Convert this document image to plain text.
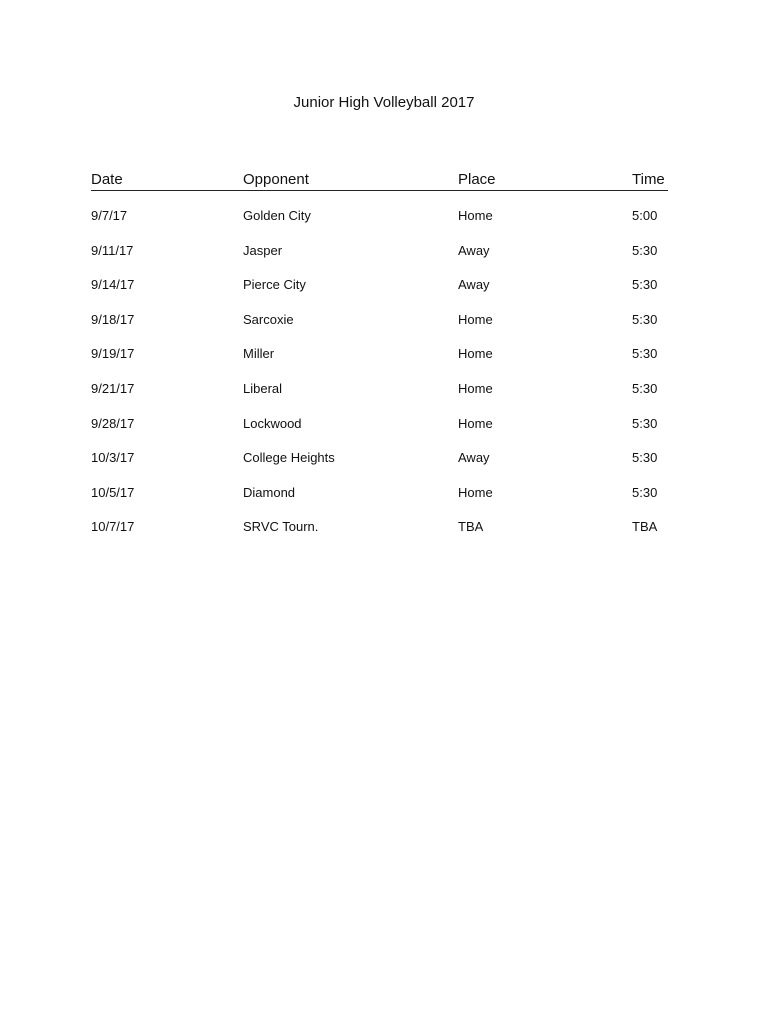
Junior High Volleyball 2017
Date	Opponent	Place	Time
9/7/17	Golden City	Home	5:00
9/11/17	Jasper	Away	5:30
9/14/17	Pierce City	Away	5:30
9/18/17	Sarcoxie	Home	5:30
9/19/17	Miller	Home	5:30
9/21/17	Liberal	Home	5:30
9/28/17	Lockwood	Home	5:30
10/3/17	College Heights	Away	5:30
10/5/17	Diamond	Home	5:30
10/7/17	SRVC Tourn.	TBA	TBA
